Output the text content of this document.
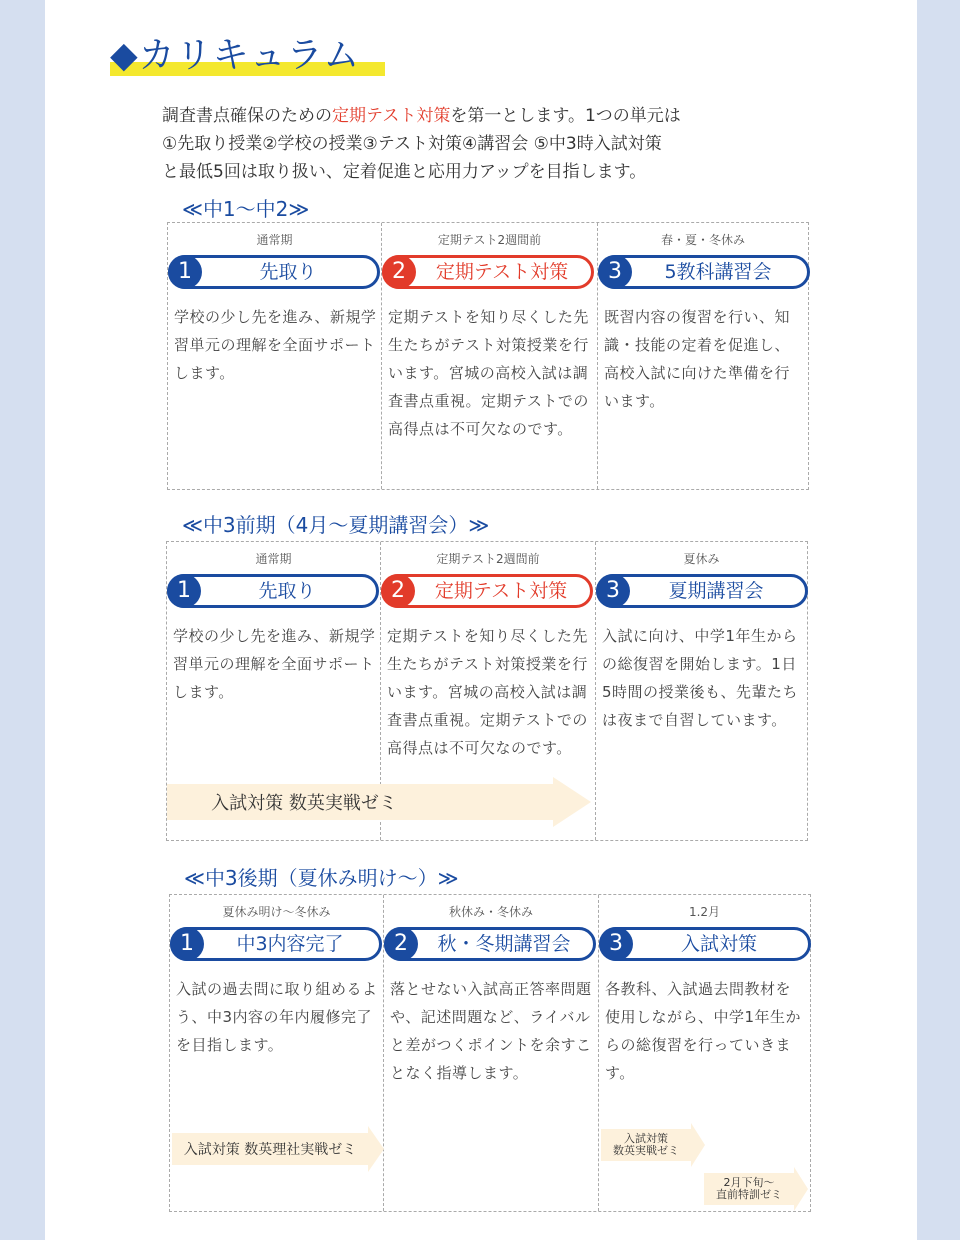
◆カリキュラム
調査書点確保のための定期テスト対策を第一とします。1つの単元は
①先取り授業②学校の授業③テスト対策④講習会 ⑤中3時入試対策
と最低5回は取り扱い、定着促進と応用力アップを目指します。
≪中1～中2≫
通常期
1	先取り
学校の少し先を進み、新規学習単元の理解を全面サポートします。
定期テスト2週間前
2	定期テスト対策
定期テストを知り尽くした先生たちがテスト対策授業を行います。宮城の高校入試は調査書点重視。定期テストでの高得点は不可欠なのです。
春・夏・冬休み
3	5教科講習会
既習内容の復習を行い、知識・技能の定着を促進し、高校入試に向けた準備を行います。
≪中3前期（4月～夏期講習会）≫
通常期
1	先取り
学校の少し先を進み、新規学習単元の理解を全面サポートします。
定期テスト2週間前
2	定期テスト対策
定期テストを知り尽くした先生たちがテスト対策授業を行います。宮城の高校入試は調査書点重視。定期テストでの高得点は不可欠なのです。
夏休み
3	夏期講習会
入試に向け、中学1年生からの総復習を開始します。1日5時間の授業後も、先輩たちは夜まで自習しています。
入試対策 数英実戦ゼミ
≪中3後期（夏休み明け～）≫
夏休み明け～冬休み
1	中3内容完了
入試の過去問に取り組めるよう、中3内容の年内履修完了を目指します。
秋休み・冬休み
2	秋・冬期講習会
落とせない入試高正答率問題や、記述問題など、ライバルと差がつくポイントを余すことなく指導します。
1.2月
3	入試対策
各教科、入試過去問教材を使用しながら、中学1年生からの総復習を行っていきます。
入試対策 数英理社実戦ゼミ
入試対策
数英実戦ゼミ
2月下旬～
直前特訓ゼミ
